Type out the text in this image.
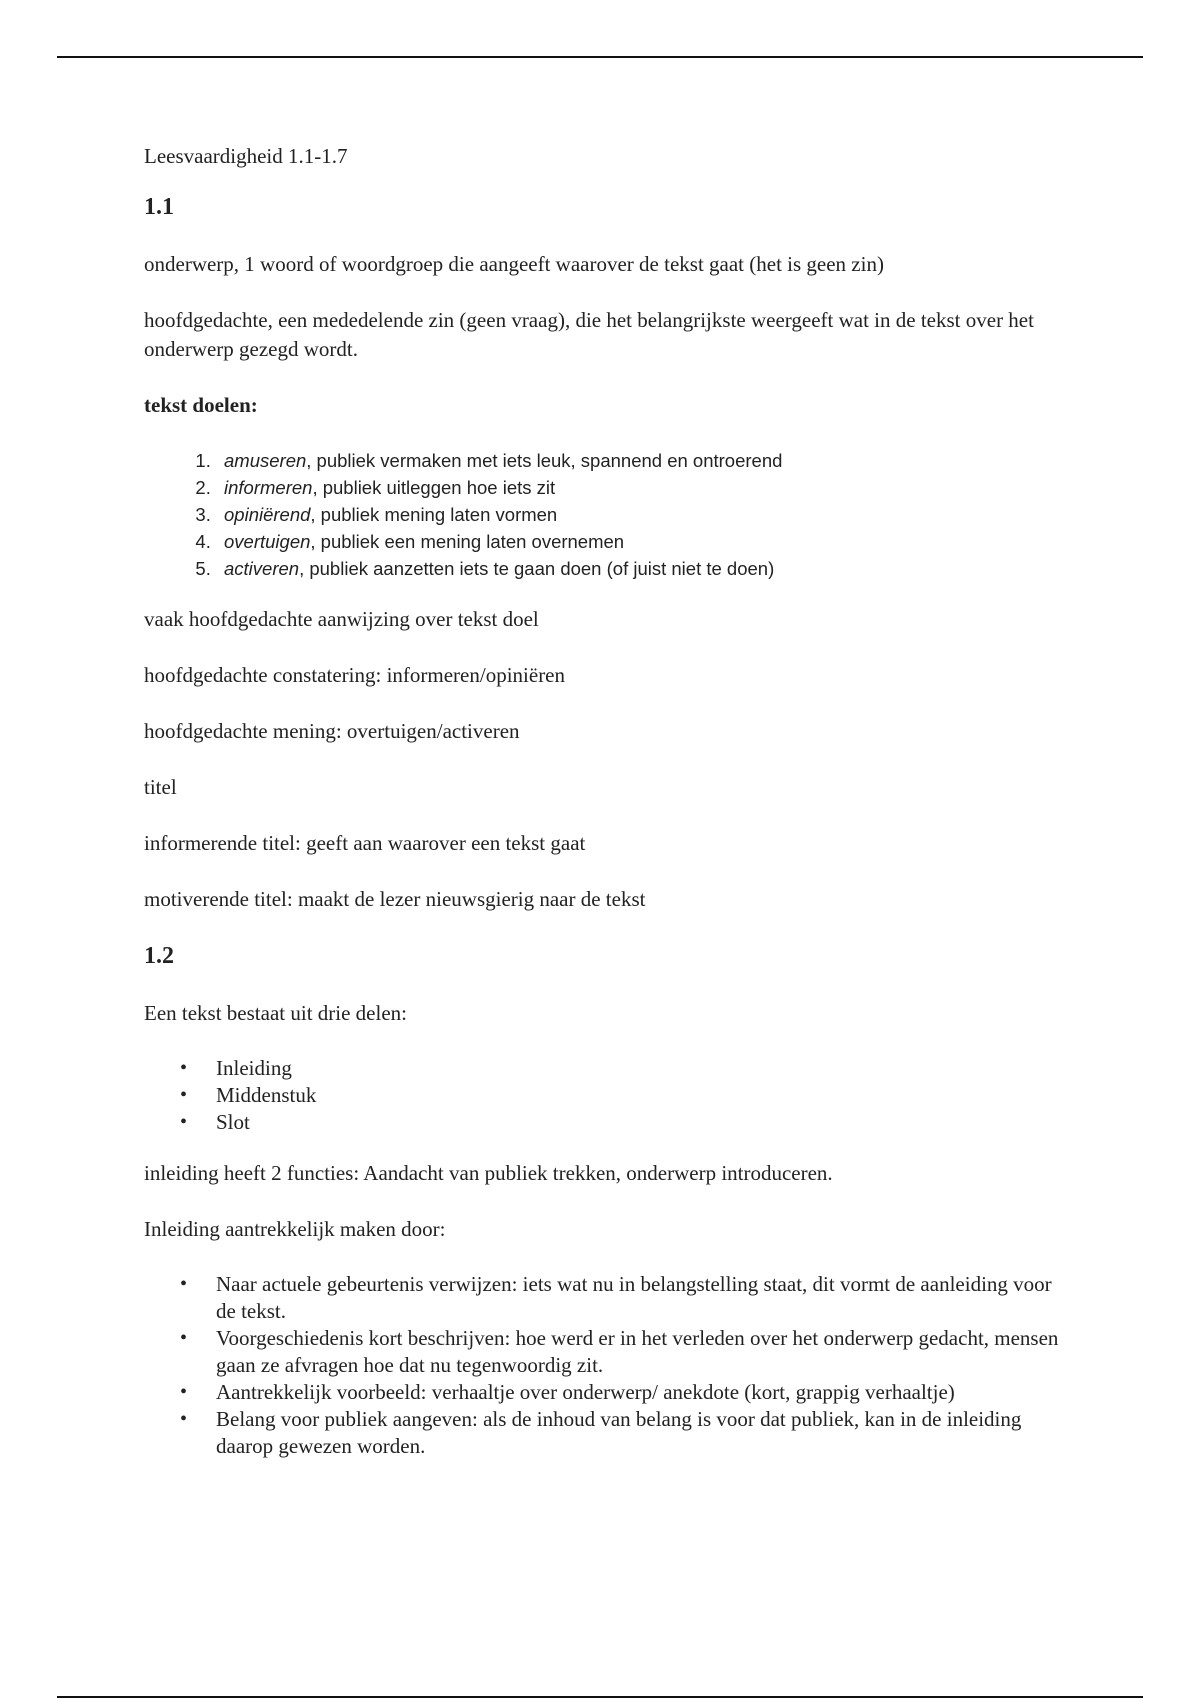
Leesvaardigheid 1.1-1.7

1.1

onderwerp, 1 woord of woordgroep die aangeeft waarover de tekst gaat (het is geen zin)

hoofdgedachte, een mededelende zin (geen vraag), die het belangrijkste weergeeft wat in de tekst over het onderwerp gezegd wordt.

tekst doelen:

1. amuseren, publiek vermaken met iets leuk, spannend en ontroerend
2. informeren, publiek uitleggen hoe iets zit
3. opiniërend, publiek mening laten vormen
4. overtuigen, publiek een mening laten overnemen
5. activeren, publiek aanzetten iets te gaan doen (of juist niet te doen)

vaak hoofdgedachte aanwijzing over tekst doel

hoofdgedachte constatering: informeren/opiniëren

hoofdgedachte mening: overtuigen/activeren

titel

informerende titel: geeft aan waarover een tekst gaat

motiverende titel: maakt de lezer nieuwsgierig naar de tekst

1.2

Een tekst bestaat uit drie delen:

• Inleiding
• Middenstuk
• Slot

inleiding heeft 2 functies: Aandacht van publiek trekken, onderwerp introduceren.

Inleiding aantrekkelijk maken door:

• Naar actuele gebeurtenis verwijzen: iets wat nu in belangstelling staat, dit vormt de aanleiding voor de tekst.
• Voorgeschiedenis kort beschrijven: hoe werd er in het verleden over het onderwerp gedacht, mensen gaan ze afvragen hoe dat nu tegenwoordig zit.
• Aantrekkelijk voorbeeld: verhaaltje over onderwerp/ anekdote (kort, grappig verhaaltje)
• Belang voor publiek aangeven: als de inhoud van belang is voor dat publiek, kan in de inleiding daarop gewezen worden.
